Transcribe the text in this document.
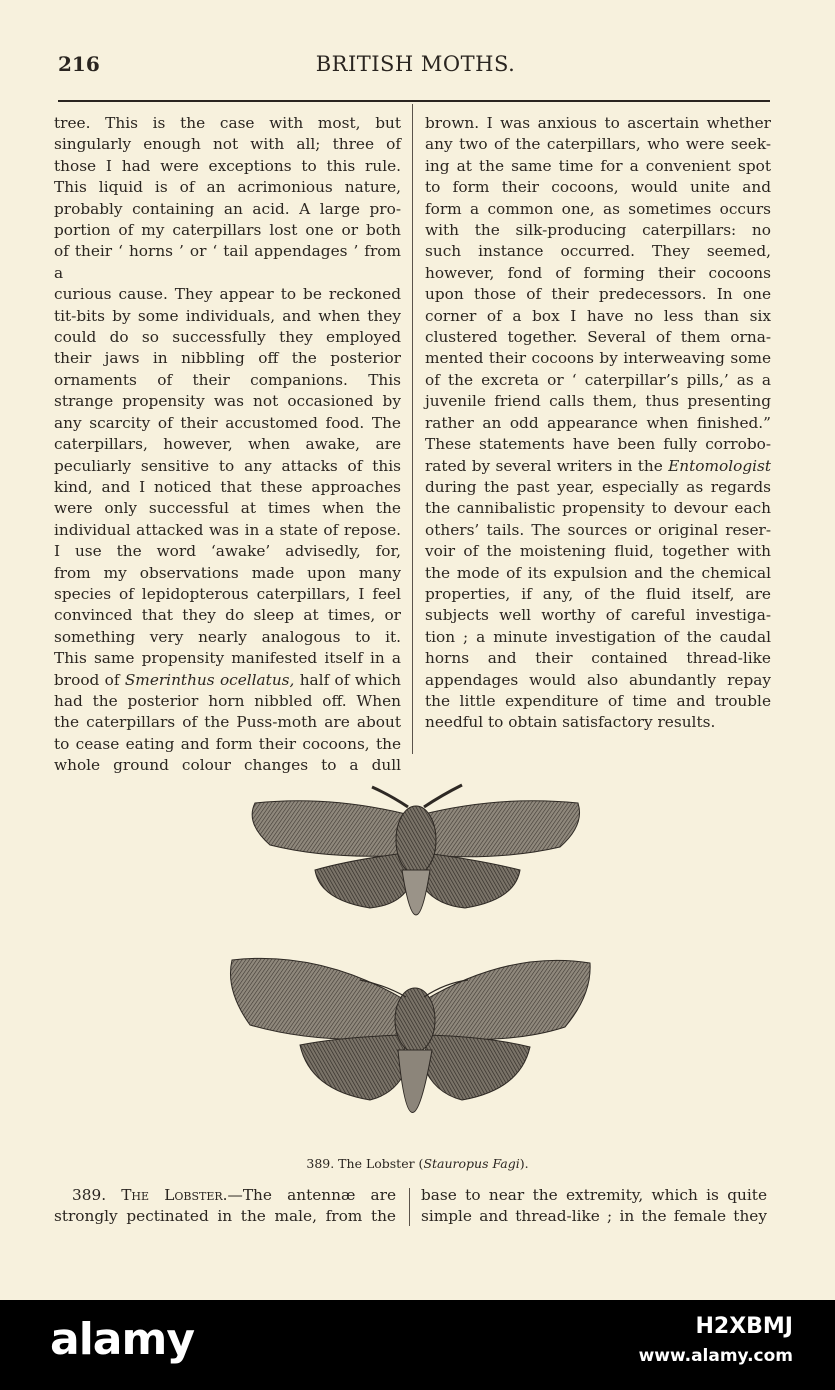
216	BRITISH MOTHS.
tree. This is the case with most, but
singularly enough not with all; three of
those I had were exceptions to this rule.
This liquid is of an acrimonious nature,
probably containing an acid. A large pro-
portion of my caterpillars lost one or both
of their ‘ horns ’ or ‘ tail appendages ’ from a
curious cause. They appear to be reckoned
tit-bits by some individuals, and when they
could do so successfully they employed
their jaws in nibbling off the posterior
ornaments of their companions. This
strange propensity was not occasioned by
any scarcity of their accustomed food. The
caterpillars, however, when awake, are
peculiarly sensitive to any attacks of this
kind, and I noticed that these approaches
were only successful at times when the
individual attacked was in a state of repose.
I use the word ‘awake’ advisedly, for,
from my observations made upon many
species of lepidopterous caterpillars, I feel
convinced that they do sleep at times, or
something very nearly analogous to it.
This same propensity manifested itself in a
brood of Smerinthus ocellatus, half of which
had the posterior horn nibbled off. When
the caterpillars of the Puss-moth are about
to cease eating and form their cocoons, the
whole ground colour changes to a dull
brown. I was anxious to ascertain whether
any two of the caterpillars, who were seek-
ing at the same time for a convenient spot
to form their cocoons, would unite and
form a common one, as sometimes occurs
with the silk-producing caterpillars: no
such instance occurred. They seemed,
however, fond of forming their cocoons
upon those of their predecessors. In one
corner of a box I have no less than six
clustered together. Several of them orna-
mented their cocoons by interweaving some
of the excreta or ‘ caterpillar’s pills,’ as a
juvenile friend calls them, thus presenting
rather an odd appearance when finished.”
These statements have been fully corrobo-
rated by several writers in the Entomologist
during the past year, especially as regards
the cannibalistic propensity to devour each
others’ tails. The sources or original reser-
voir of the moistening fluid, together with
the mode of its expulsion and the chemical
properties, if any, of the fluid itself, are
subjects well worthy of careful investiga-
tion ; a minute investigation of the caudal
horns and their contained thread-like
appendages would also abundantly repay
the little expenditure of time and trouble
needful to obtain satisfactory results.
389. The Lobster (Stauropus Fagi).
389. The Lobster.—The antennæ are
strongly pectinated in the male, from the
base to near the extremity, which is quite
simple and thread-like ; in the female they
alamy	H2XBMJ
www.alamy.com
